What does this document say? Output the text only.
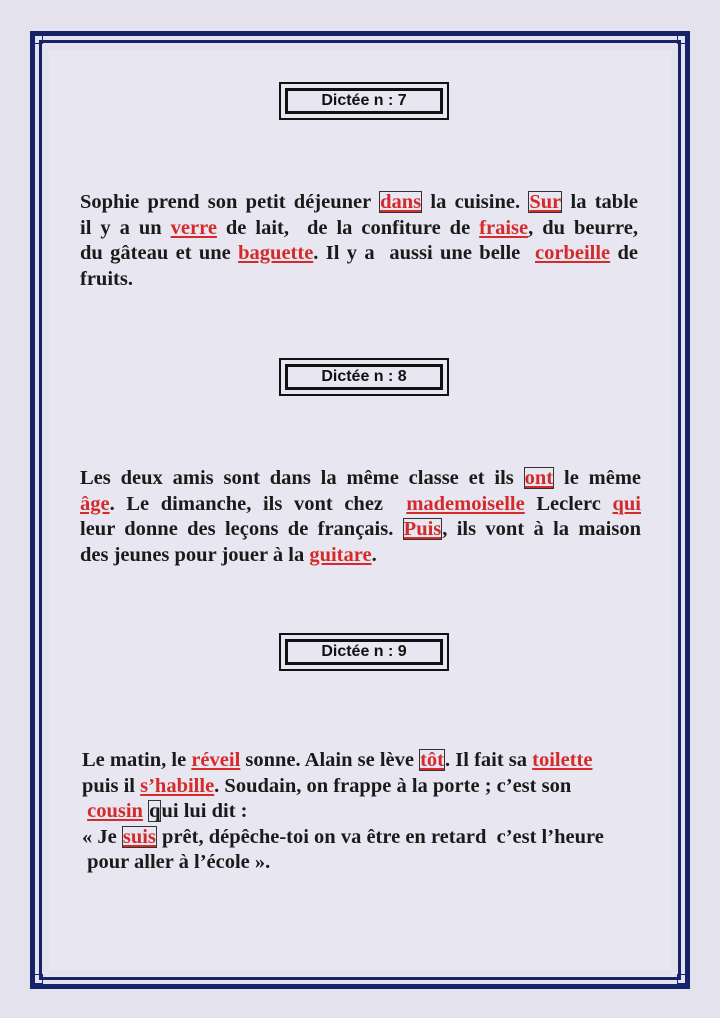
Dictée n : 7
Sophie prend son petit déjeuner dans la cuisine. Sur la table
il y a un verre de lait,  de la confiture de fraise, du beurre,
du gâteau et une baguette. Il y a  aussi une belle  corbeille de
fruits.
Dictée n : 8
Les deux amis sont dans la même classe et ils ont le même
âge. Le dimanche, ils vont chez  mademoiselle Leclerc qui
leur donne des leçons de français. Puis, ils vont à la maison
des jeunes pour jouer à la guitare.
Dictée n : 9
Le matin, le réveil sonne. Alain se lève tôt. Il fait sa toilette
puis il s’habille. Soudain, on frappe à la porte ; c’est son
cousin qui lui dit :
« Je suis prêt, dépêche-toi on va être en retard  c’est l’heure
pour aller à l’école ».
